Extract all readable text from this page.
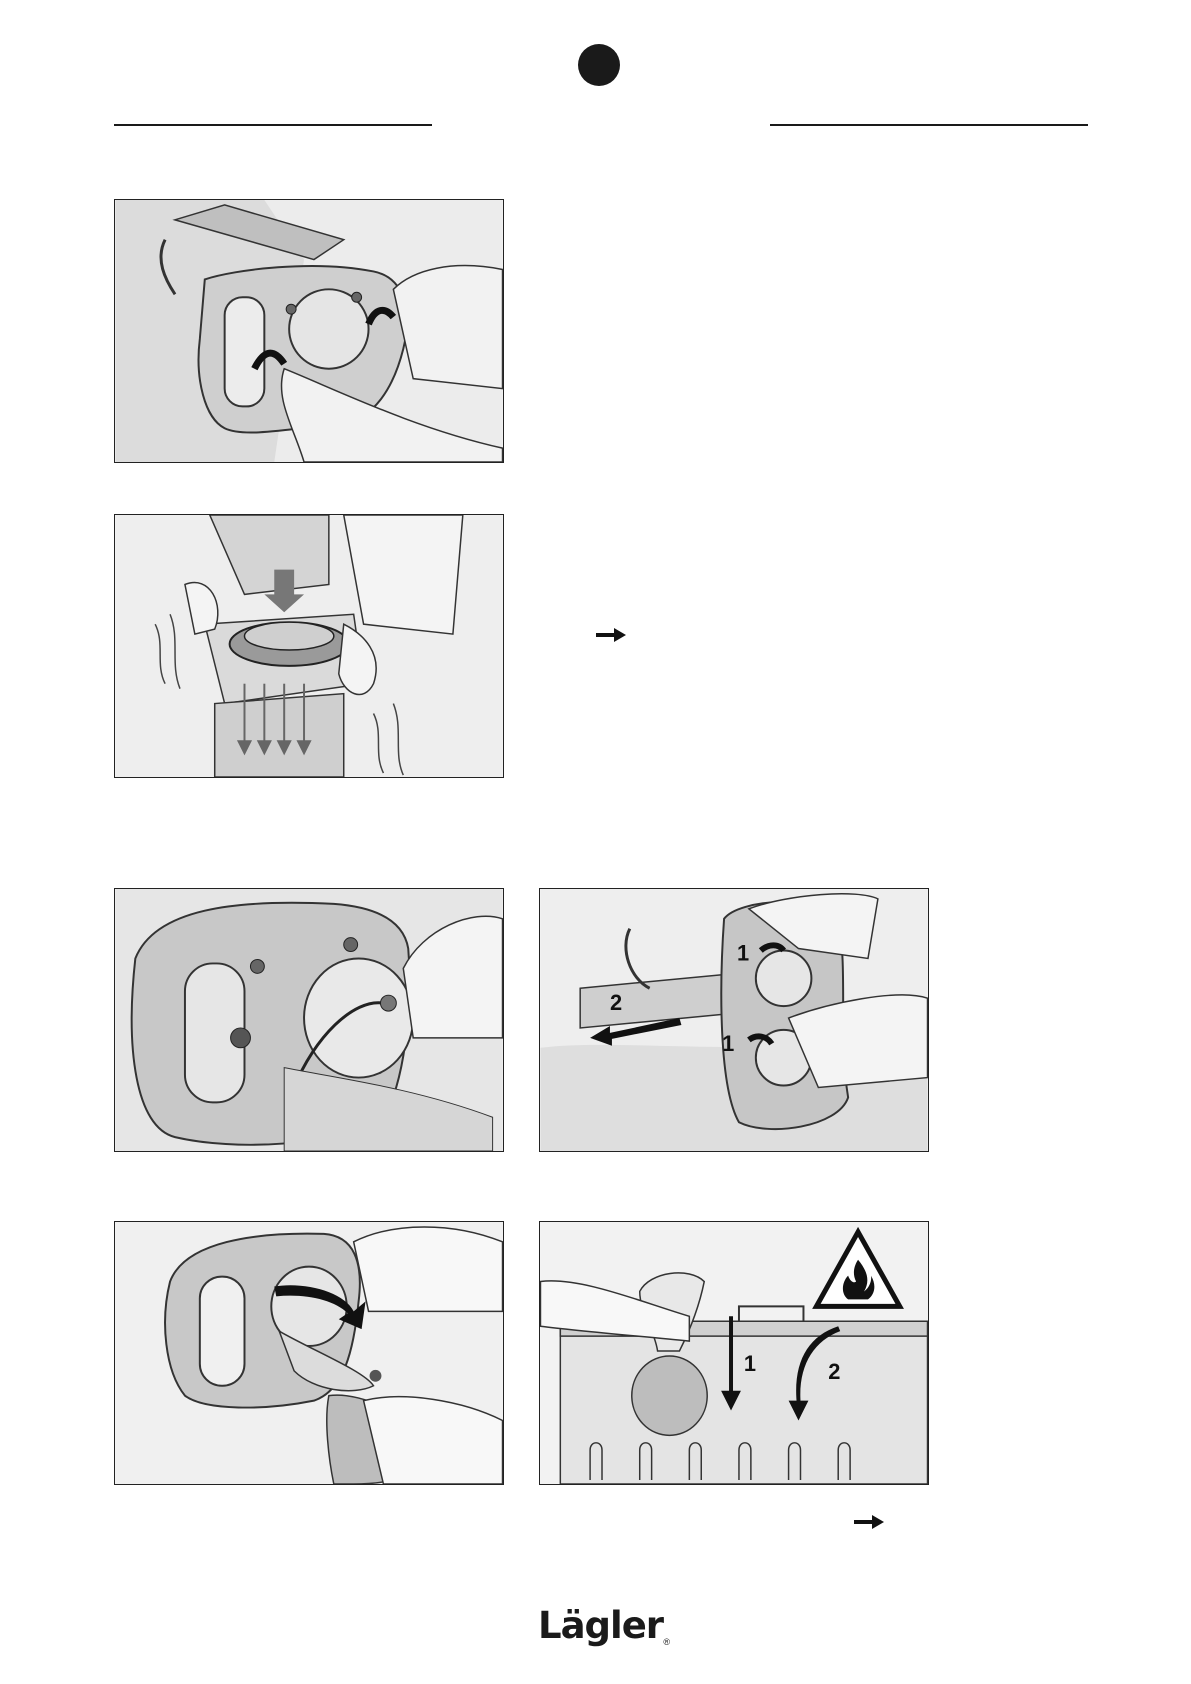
1
2
1
1	2
Lägler ®
